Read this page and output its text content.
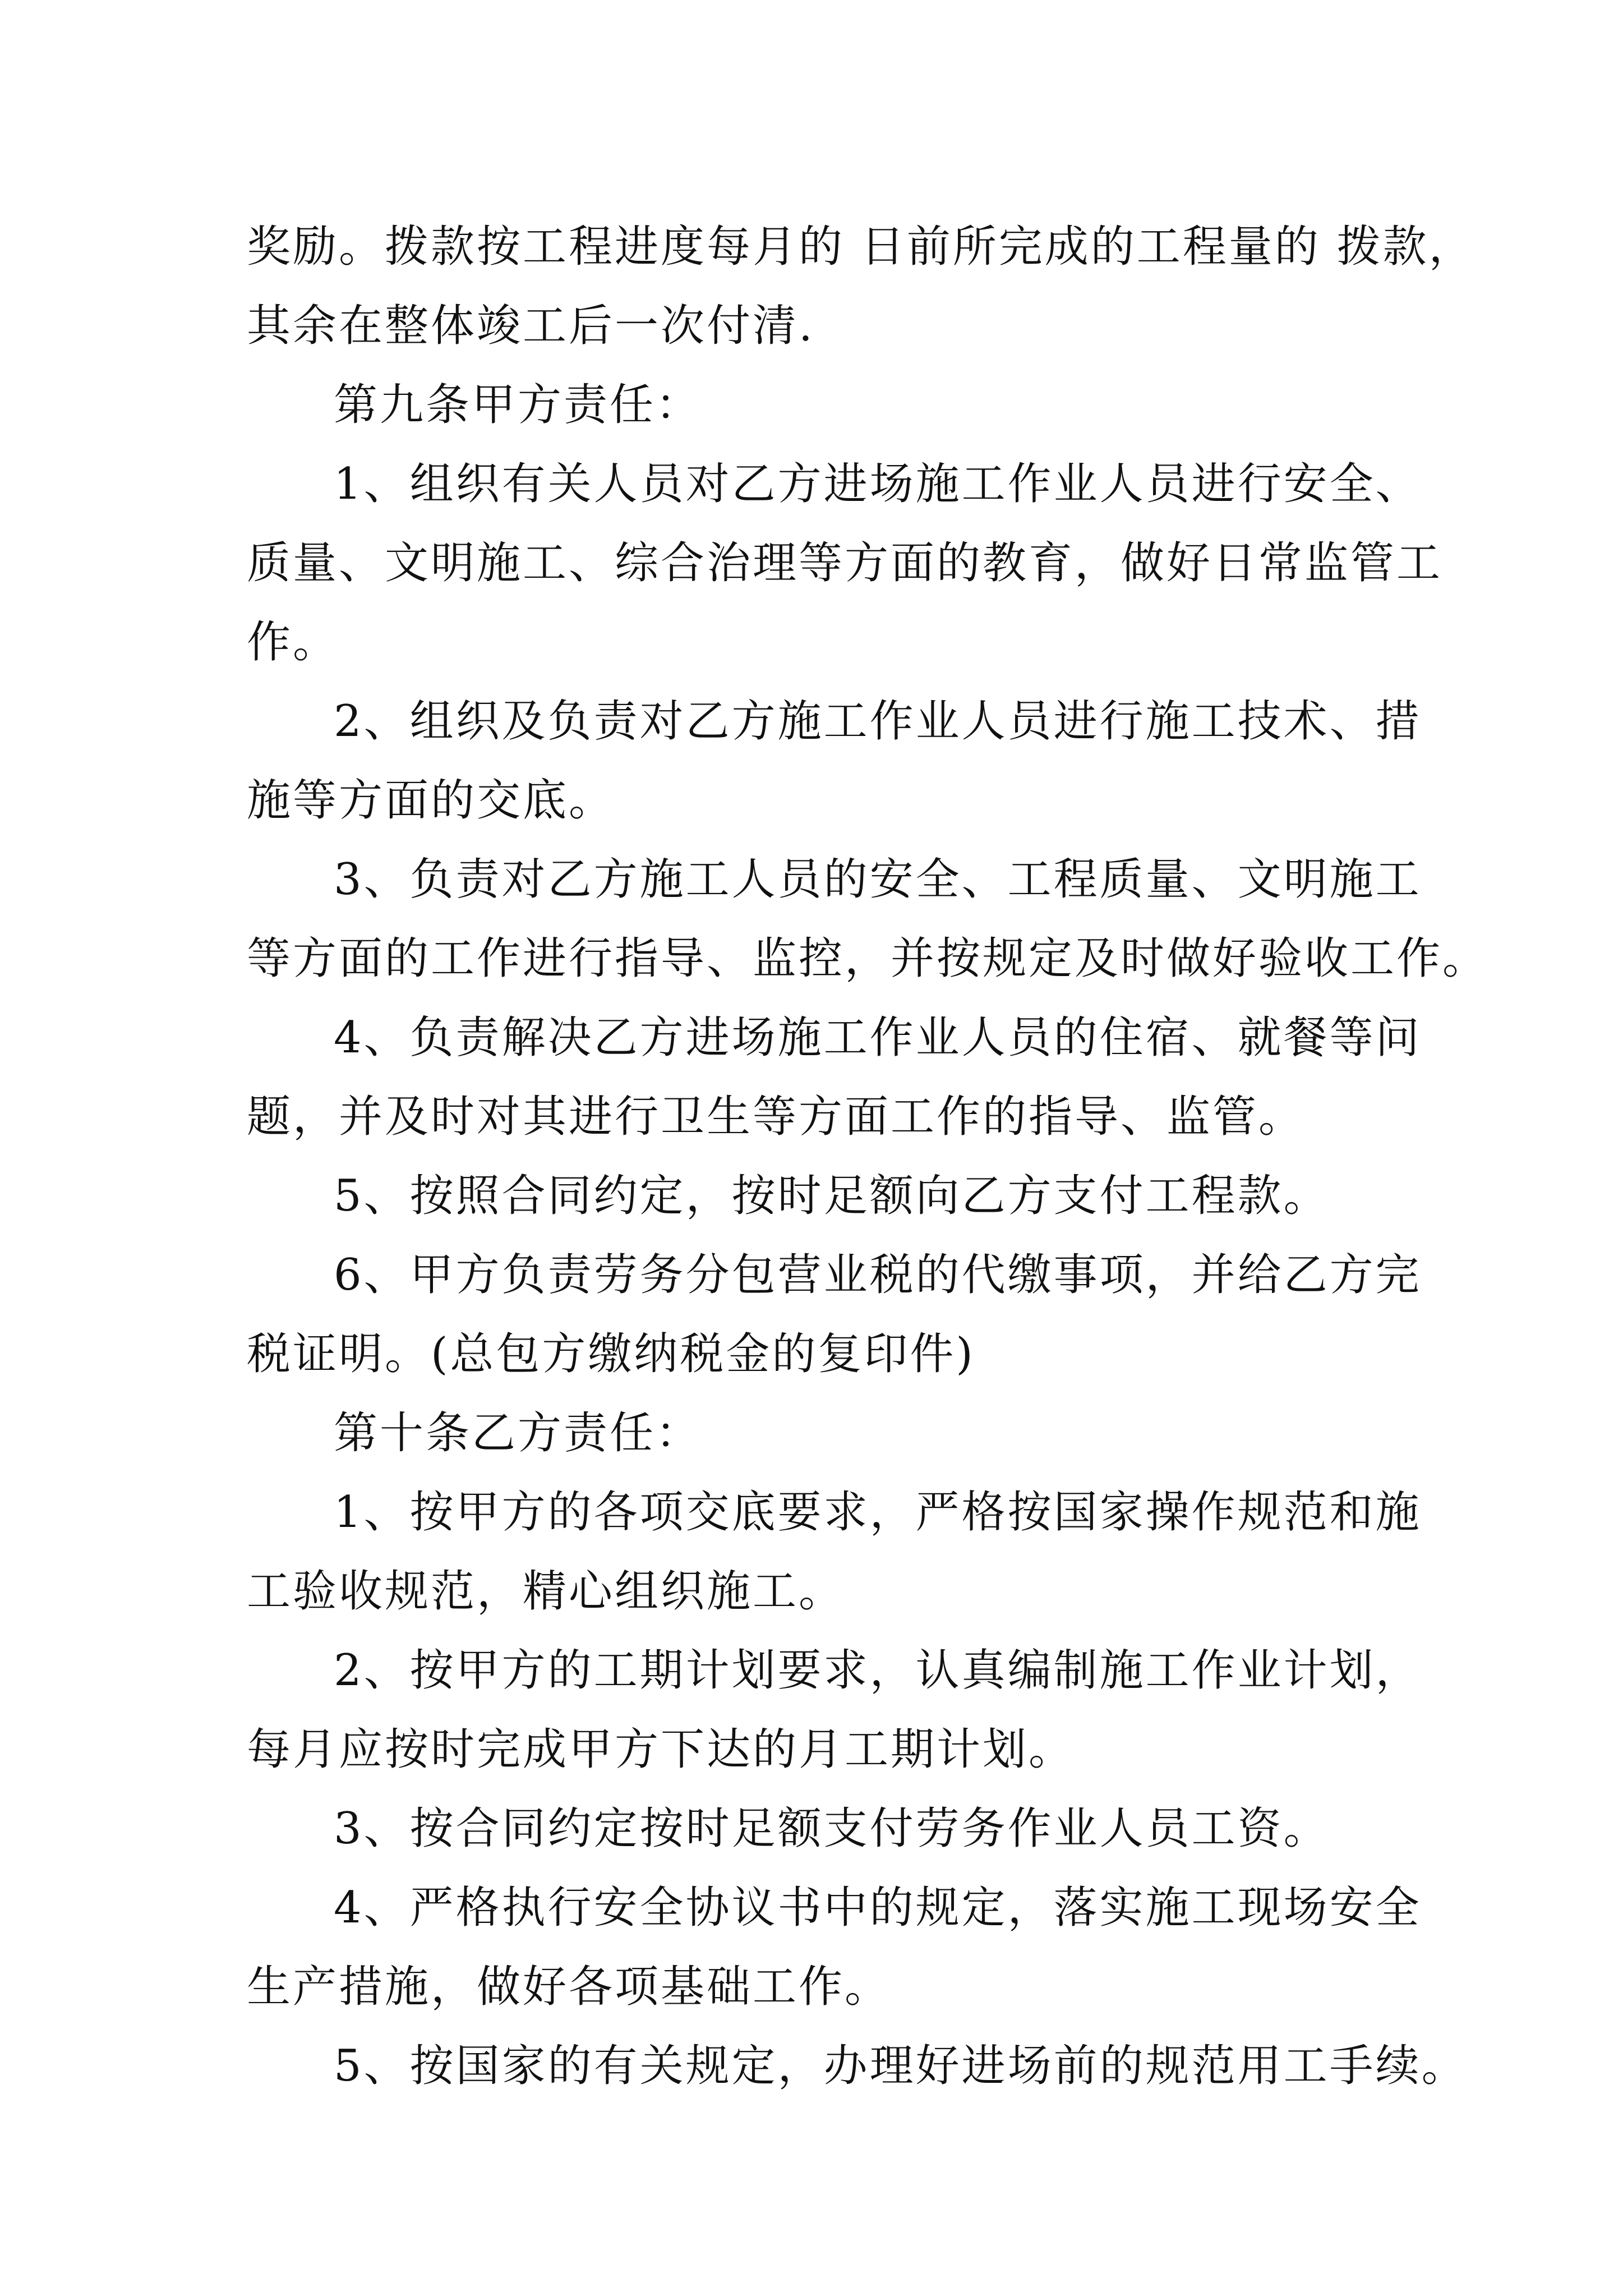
奖励。拨款按工程进度每月的 日前所完成的工程量的 拨款，
其余在整体竣工后一次付清.
第九条甲方责任：
1、组织有关人员对乙方进场施工作业人员进行安全、
质量、文明施工、综合治理等方面的教育，做好日常监管工
作。
2、组织及负责对乙方施工作业人员进行施工技术、措
施等方面的交底。
3、负责对乙方施工人员的安全、工程质量、文明施工
等方面的工作进行指导、监控，并按规定及时做好验收工作。
4、负责解决乙方进场施工作业人员的住宿、就餐等问
题，并及时对其进行卫生等方面工作的指导、监管。
5、按照合同约定，按时足额向乙方支付工程款。
6、甲方负责劳务分包营业税的代缴事项，并给乙方完
税证明。(总包方缴纳税金的复印件)
第十条乙方责任：
1、按甲方的各项交底要求，严格按国家操作规范和施
工验收规范，精心组织施工。
2、按甲方的工期计划要求，认真编制施工作业计划，
每月应按时完成甲方下达的月工期计划。
3、按合同约定按时足额支付劳务作业人员工资。
4、严格执行安全协议书中的规定，落实施工现场安全
生产措施，做好各项基础工作。
5、按国家的有关规定，办理好进场前的规范用工手续。
